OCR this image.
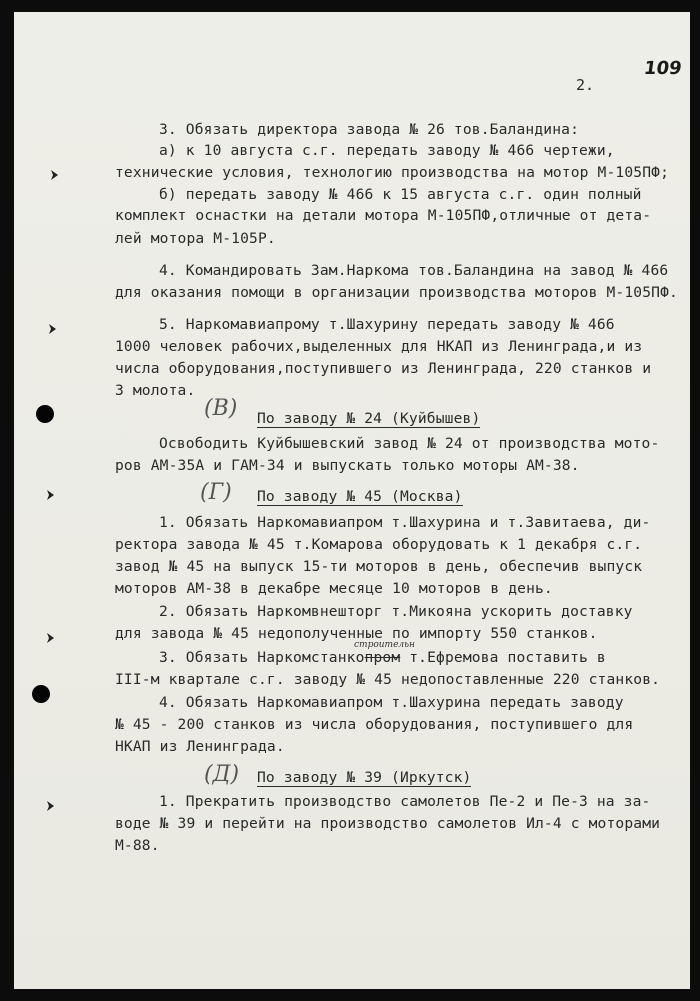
109
2.
3. Обязать директора завода № 26 тов.Баландина:
а) к 10 августа с.г. передать заводу № 466 чертежи,
технические условия, технологию производства на мотор М-105ПФ;
б) передать заводу № 466 к 15 августа с.г. один полный
комплект оснастки на детали мотора М-105ПФ,отличные от дета-
лей мотора М-105Р.
4. Командировать Зам.Наркома тов.Баландина на завод № 466
для оказания помощи в организации производства моторов М-105ПФ.
5. Наркомавиапрому т.Шахурину передать заводу № 466
1000 человек рабочих,выделенных для НКАП из Ленинграда,и из
числа оборудования,поступившего из Ленинграда, 220 станков и
3 молота.
(В) По заводу № 24 (Куйбышев)
Освободить Куйбышевский завод № 24 от производства мото-
ров АМ-35А и ГАМ-34 и выпускать только моторы АМ-38.
(Г) По заводу № 45 (Москва)
1. Обязать Наркомавиапром т.Шахурина и т.Завитаева, ди-
ректора завода № 45 т.Комарова оборудовать к 1 декабря с.г.
завод № 45 на выпуск 15-ти моторов в день, обеспечив выпуск
моторов АМ-38 в декабре месяце 10 моторов в день.
2. Обязать Наркомвнешторг т.Микояна ускорить доставку
для завода № 45 недополученные по импорту 550 станков.
строительн
3. Обязать Наркомстанкопром т.Ефремова поставить в
III-м квартале с.г. заводу № 45 недопоставленные 220 станков.
4. Обязать Наркомавиапром т.Шахурина передать заводу
№ 45 - 200 станков из числа оборудования, поступившего для
НКАП из Ленинграда.
(Д) По заводу № 39 (Иркутск)
1. Прекратить производство самолетов Пе-2 и Пе-3 на за-
воде № 39 и перейти на производство самолетов Ил-4 с моторами
М-88.
